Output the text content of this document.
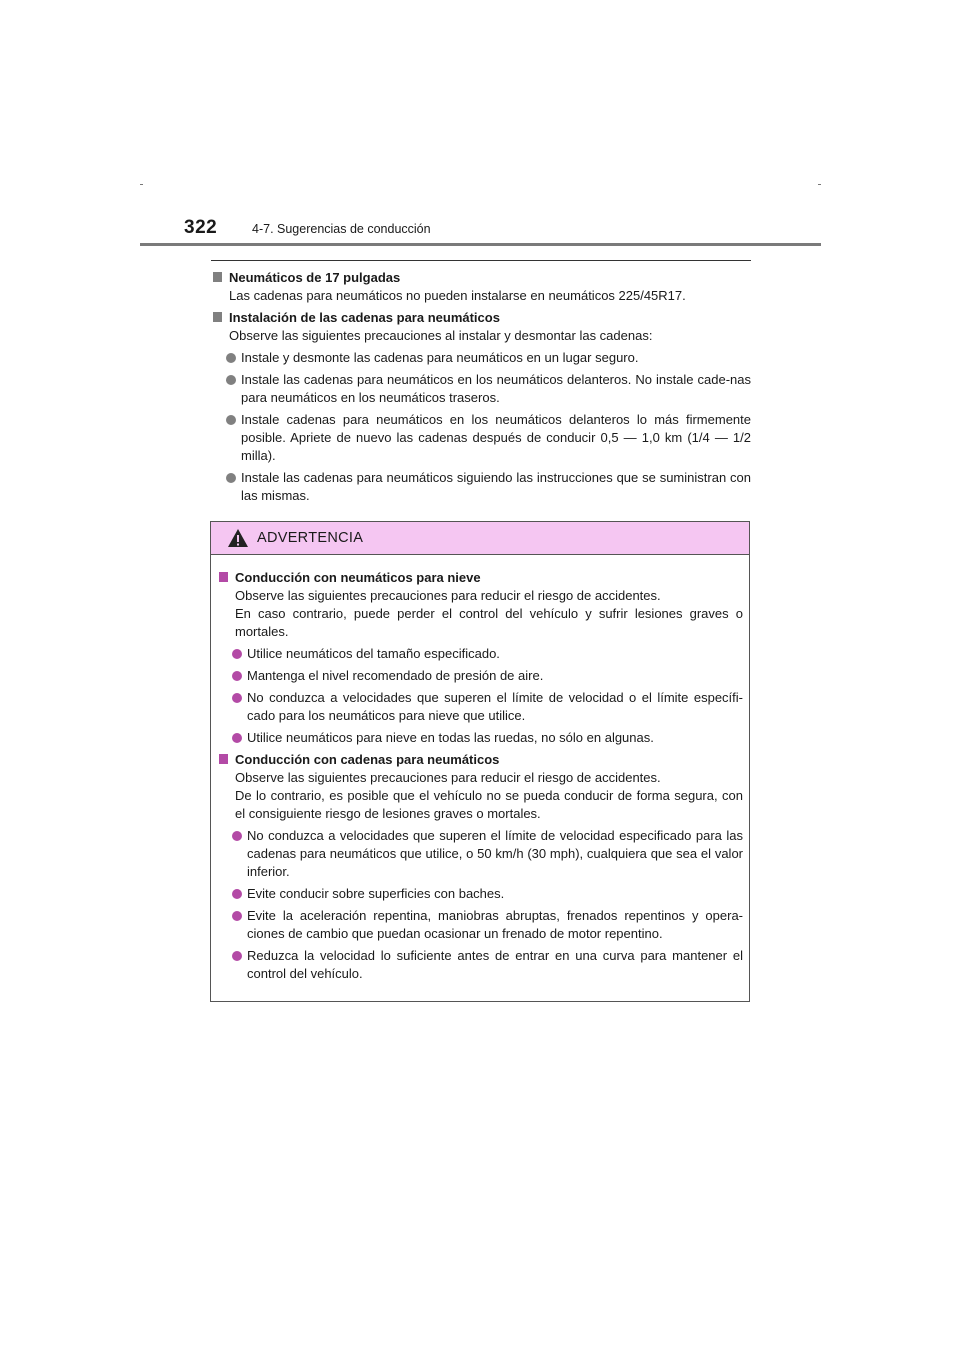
322	4-7. Sugerencias de conducción
Neumáticos de 17 pulgadas
Las cadenas para neumáticos no pueden instalarse en neumáticos 225/45R17.
Instalación de las cadenas para neumáticos
Observe las siguientes precauciones al instalar y desmontar las cadenas:
Instale y desmonte las cadenas para neumáticos en un lugar seguro.
Instale las cadenas para neumáticos en los neumáticos delanteros. No instale cade-nas para neumáticos en los neumáticos traseros.
Instale cadenas para neumáticos en los neumáticos delanteros lo más firmemente posible. Apriete de nuevo las cadenas después de conducir 0,5 — 1,0 km (1/4 — 1/2 milla).
Instale las cadenas para neumáticos siguiendo las instrucciones que se suministran con las mismas.
ADVERTENCIA
Conducción con neumáticos para nieve
Observe las siguientes precauciones para reducir el riesgo de accidentes.
En caso contrario, puede perder el control del vehículo y sufrir lesiones graves o mortales.
Utilice neumáticos del tamaño especificado.
Mantenga el nivel recomendado de presión de aire.
No conduzca a velocidades que superen el límite de velocidad o el límite específi-cado para los neumáticos para nieve que utilice.
Utilice neumáticos para nieve en todas las ruedas, no sólo en algunas.
Conducción con cadenas para neumáticos
Observe las siguientes precauciones para reducir el riesgo de accidentes.
De lo contrario, es posible que el vehículo no se pueda conducir de forma segura, con el consiguiente riesgo de lesiones graves o mortales.
No conduzca a velocidades que superen el límite de velocidad especificado para las cadenas para neumáticos que utilice, o 50 km/h (30 mph), cualquiera que sea el valor inferior.
Evite conducir sobre superficies con baches.
Evite la aceleración repentina, maniobras abruptas, frenados repentinos y opera-ciones de cambio que puedan ocasionar un frenado de motor repentino.
Reduzca la velocidad lo suficiente antes de entrar en una curva para mantener el control del vehículo.
